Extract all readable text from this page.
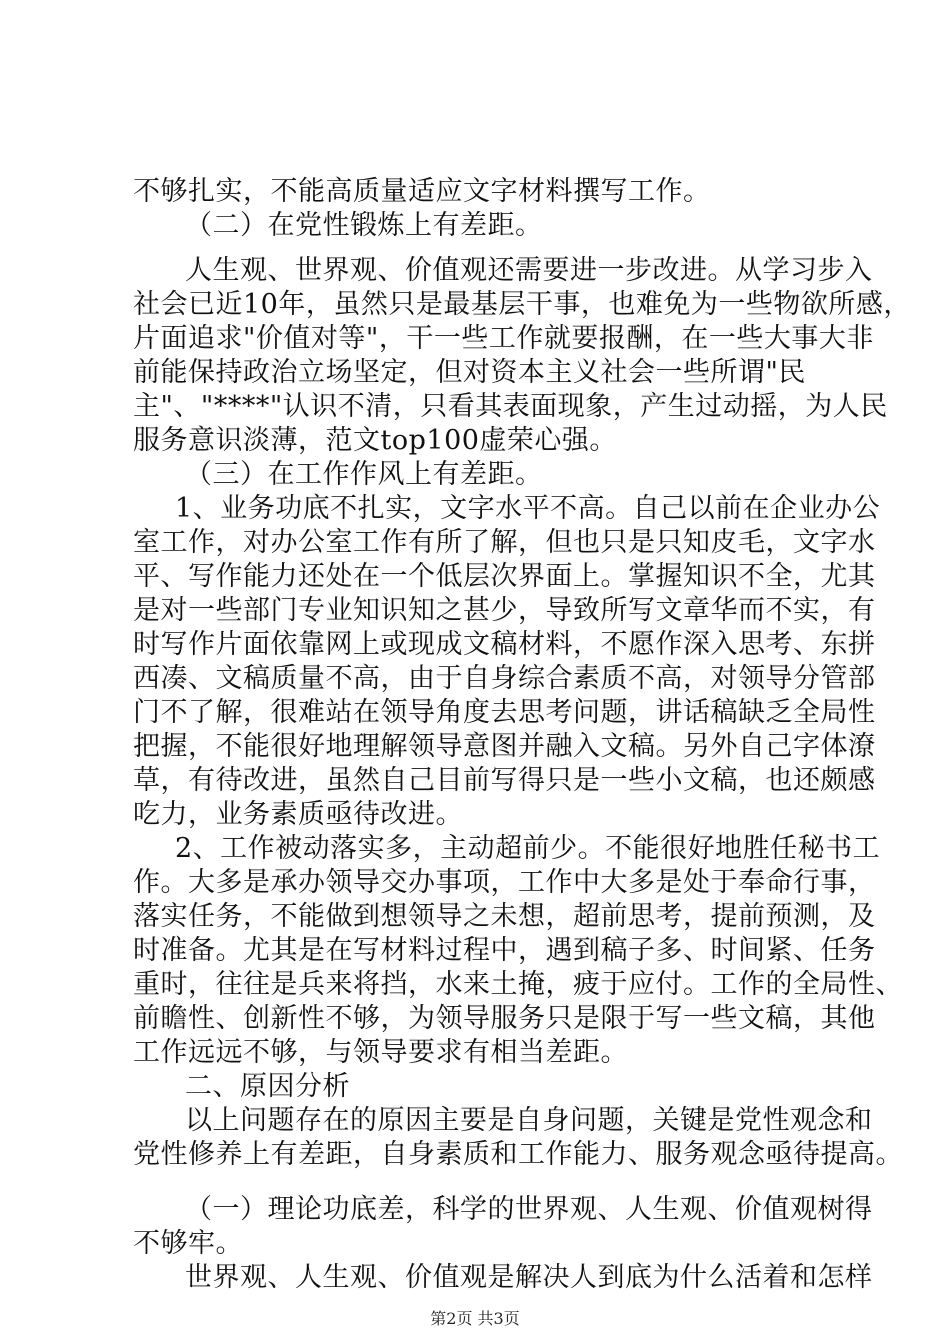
不够扎实，不能高质量适应文字材料撰写工作。
（二）在党性锻炼上有差距。
人生观、世界观、价值观还需要进一步改进。从学习步入
社会已近10年，虽然只是最基层干事，也难免为一些物欲所感，
片面追求"价值对等"，干一些工作就要报酬，在一些大事大非
前能保持政治立场坚定，但对资本主义社会一些所谓"民
主"、"****"认识不清，只看其表面现象，产生过动摇，为人民
服务意识淡薄，范文top100虚荣心强。
（三）在工作作风上有差距。
1、业务功底不扎实，文字水平不高。自己以前在企业办公
室工作，对办公室工作有所了解，但也只是只知皮毛，文字水
平、写作能力还处在一个低层次界面上。掌握知识不全，尤其
是对一些部门专业知识知之甚少，导致所写文章华而不实，有
时写作片面依靠网上或现成文稿材料，不愿作深入思考、东拼
西凑、文稿质量不高，由于自身综合素质不高，对领导分管部
门不了解，很难站在领导角度去思考问题，讲话稿缺乏全局性
把握，不能很好地理解领导意图并融入文稿。另外自己字体潦
草，有待改进，虽然自己目前写得只是一些小文稿，也还颇感
吃力，业务素质亟待改进。
2、工作被动落实多，主动超前少。不能很好地胜任秘书工
作。大多是承办领导交办事项，工作中大多是处于奉命行事，
落实任务，不能做到想领导之未想，超前思考，提前预测，及
时准备。尤其是在写材料过程中，遇到稿子多、时间紧、任务
重时，往往是兵来将挡，水来土掩，疲于应付。工作的全局性、
前瞻性、创新性不够，为领导服务只是限于写一些文稿，其他
工作远远不够，与领导要求有相当差距。
二、原因分析
以上问题存在的原因主要是自身问题，关键是党性观念和
党性修养上有差距，自身素质和工作能力、服务观念亟待提高。
（一）理论功底差，科学的世界观、人生观、价值观树得
不够牢。
世界观、人生观、价值观是解决人到底为什么活着和怎样
第2页 共3页
